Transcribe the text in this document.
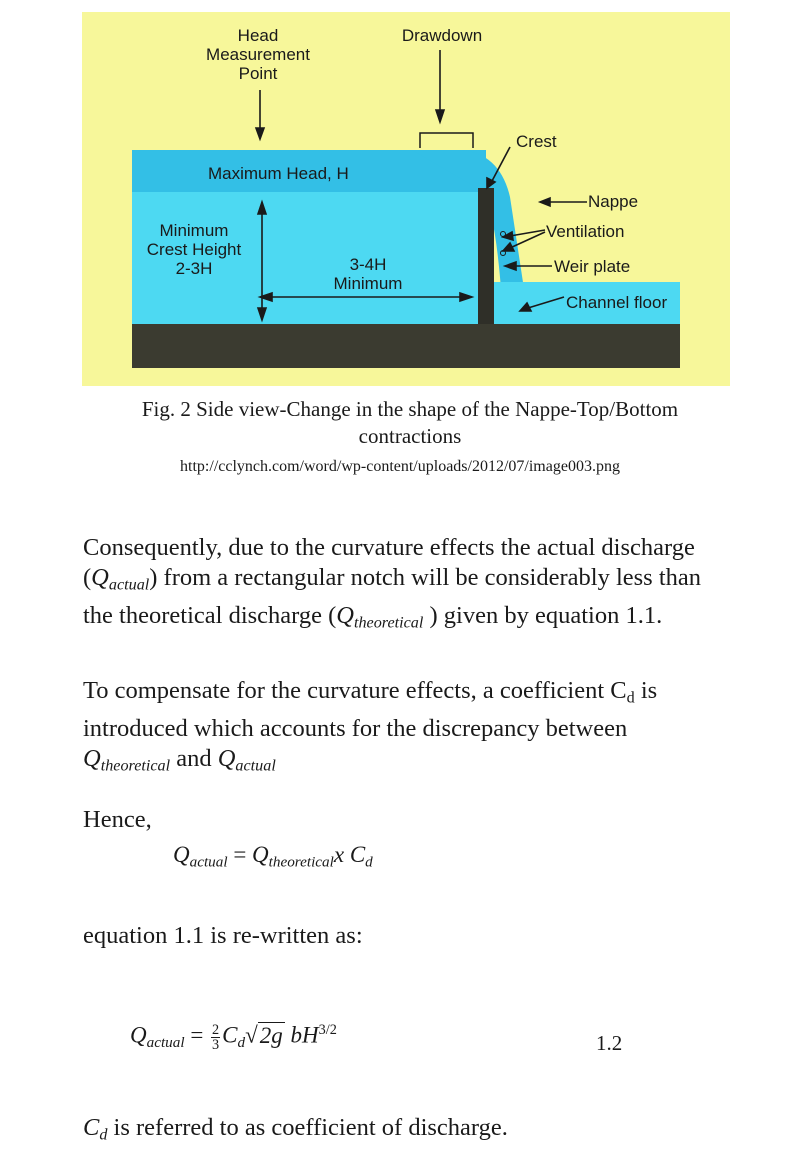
Head
Measurement
Point
Drawdown
Crest
Maximum Head, H
Nappe
Ventilation
Weir plate
Channel floor
Minimum
Crest Height
2-3H	3-4H
Minimum
Fig. 2 Side view-Change in the shape of the Nappe-Top/Bottom
contractions
http://cclynch.com/word/wp-content/uploads/2012/07/image003.png
Consequently, due to the curvature effects the actual discharge
$(Q_{actual})$ from a rectangular notch will be considerably less than
the theoretical discharge ($Q_{theoretical}$ ) given by equation 1.1.
To compensate for the curvature effects, a coefficient $C_d$ is
introduced which accounts for the discrepancy between
$Q_{theoretical}$ and $Q_{actual}$
Hence,
$Q_{actual} = Q_{theoretical}x$ $C_d$
equation 1.1 is re-written as:
$Q_{actual} = \frac{2}{3} C_d√2g$ $bH^{3/2}$
1.2
$C_d$ is referred to as coefficient of discharge.
